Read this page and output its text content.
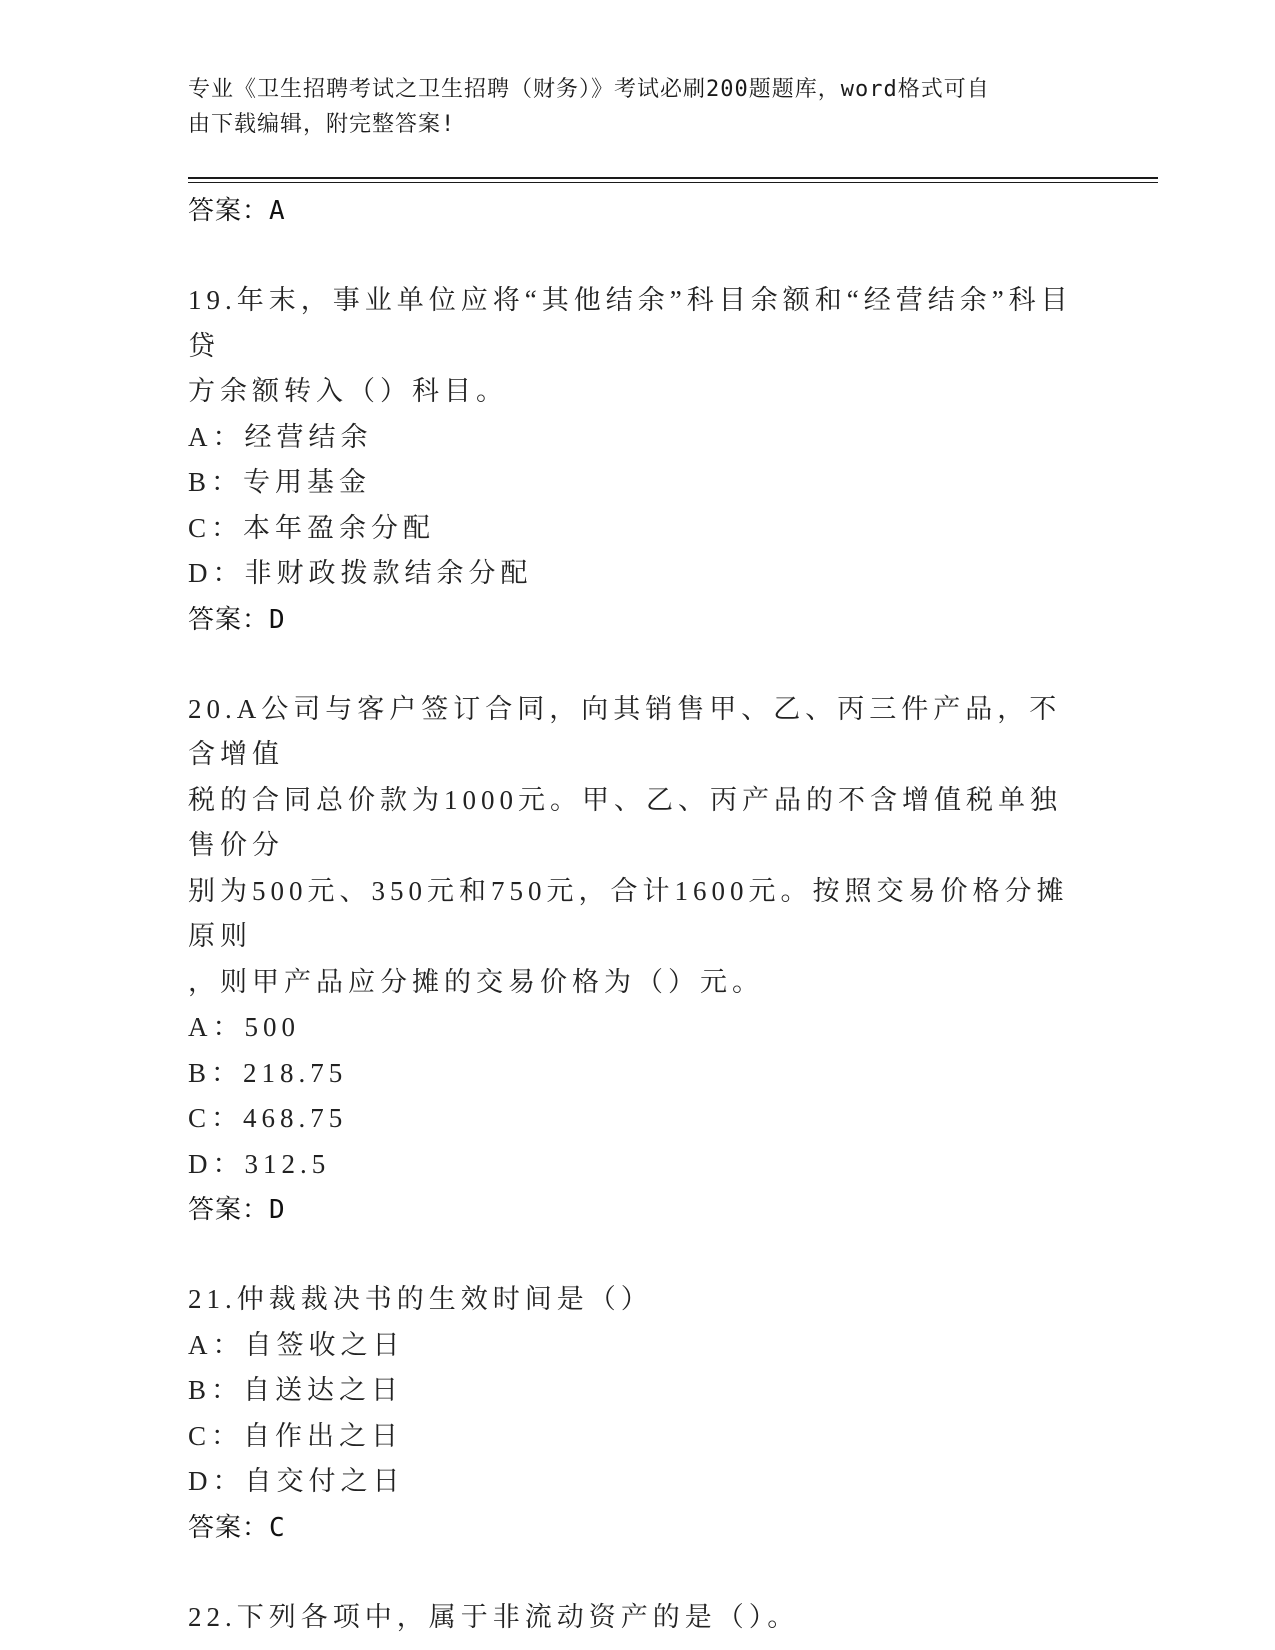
专业《卫生招聘考试之卫生招聘（财务）》考试必刷200题题库，word格式可自
由下载编辑，附完整答案!
答案：A
19.年末，事业单位应将“其他结余”科目余额和“经营结余”科目贷
方余额转入（）科目。
A：经营结余
B：专用基金
C：本年盈余分配
D：非财政拨款结余分配
答案：D
20.A公司与客户签订合同，向其销售甲、乙、丙三件产品，不含增值
税的合同总价款为1000元。甲、乙、丙产品的不含增值税单独售价分
别为500元、350元和750元，合计1600元。按照交易价格分摊原则
，则甲产品应分摊的交易价格为（）元。
A：500
B：218.75
C：468.75
D：312.5
答案：D
21.仲裁裁决书的生效时间是（）
A：自签收之日
B：自送达之日
C：自作出之日
D：自交付之日
答案：C
22.下列各项中，属于非流动资产的是（）。
